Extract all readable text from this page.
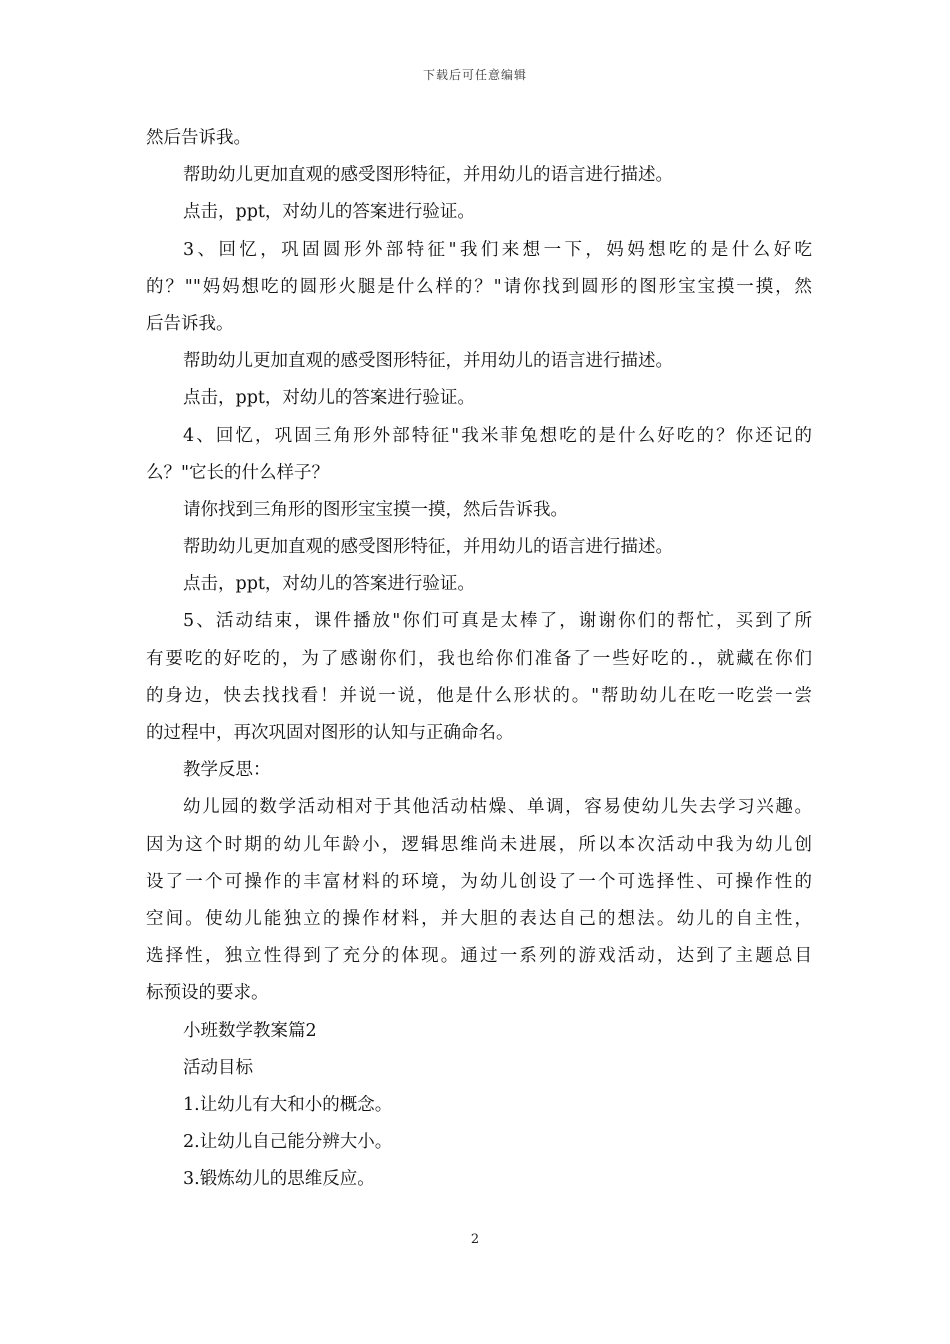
下载后可任意编辑
然后告诉我。
帮助幼儿更加直观的感受图形特征，并用幼儿的语言进行描述。
点击，ppt，对幼儿的答案进行验证。
3、回忆，巩固圆形外部特征"我们来想一下，妈妈想吃的是什么好吃
的？""妈妈想吃的圆形火腿是什么样的？"请你找到圆形的图形宝宝摸一摸，然
后告诉我。
帮助幼儿更加直观的感受图形特征，并用幼儿的语言进行描述。
点击，ppt，对幼儿的答案进行验证。
4、回忆，巩固三角形外部特征"我米菲兔想吃的是什么好吃的？你还记的
么？"它长的什么样子？
请你找到三角形的图形宝宝摸一摸，然后告诉我。
帮助幼儿更加直观的感受图形特征，并用幼儿的语言进行描述。
点击，ppt，对幼儿的答案进行验证。
5、活动结束，课件播放"你们可真是太棒了，谢谢你们的帮忙，买到了所
有要吃的好吃的，为了感谢你们，我也给你们准备了一些好吃的.，就藏在你们
的身边，快去找找看！并说一说，他是什么形状的。"帮助幼儿在吃一吃尝一尝
的过程中，再次巩固对图形的认知与正确命名。
教学反思：
幼儿园的数学活动相对于其他活动枯燥、单调，容易使幼儿失去学习兴趣。
因为这个时期的幼儿年龄小，逻辑思维尚未进展，所以本次活动中我为幼儿创
设了一个可操作的丰富材料的环境，为幼儿创设了一个可选择性、可操作性的
空间。使幼儿能独立的操作材料，并大胆的表达自己的想法。幼儿的自主性，
选择性，独立性得到了充分的体现。通过一系列的游戏活动，达到了主题总目
标预设的要求。
小班数学教案篇2
活动目标
1.让幼儿有大和小的概念。
2.让幼儿自己能分辨大小。
3.锻炼幼儿的思维反应。
2
